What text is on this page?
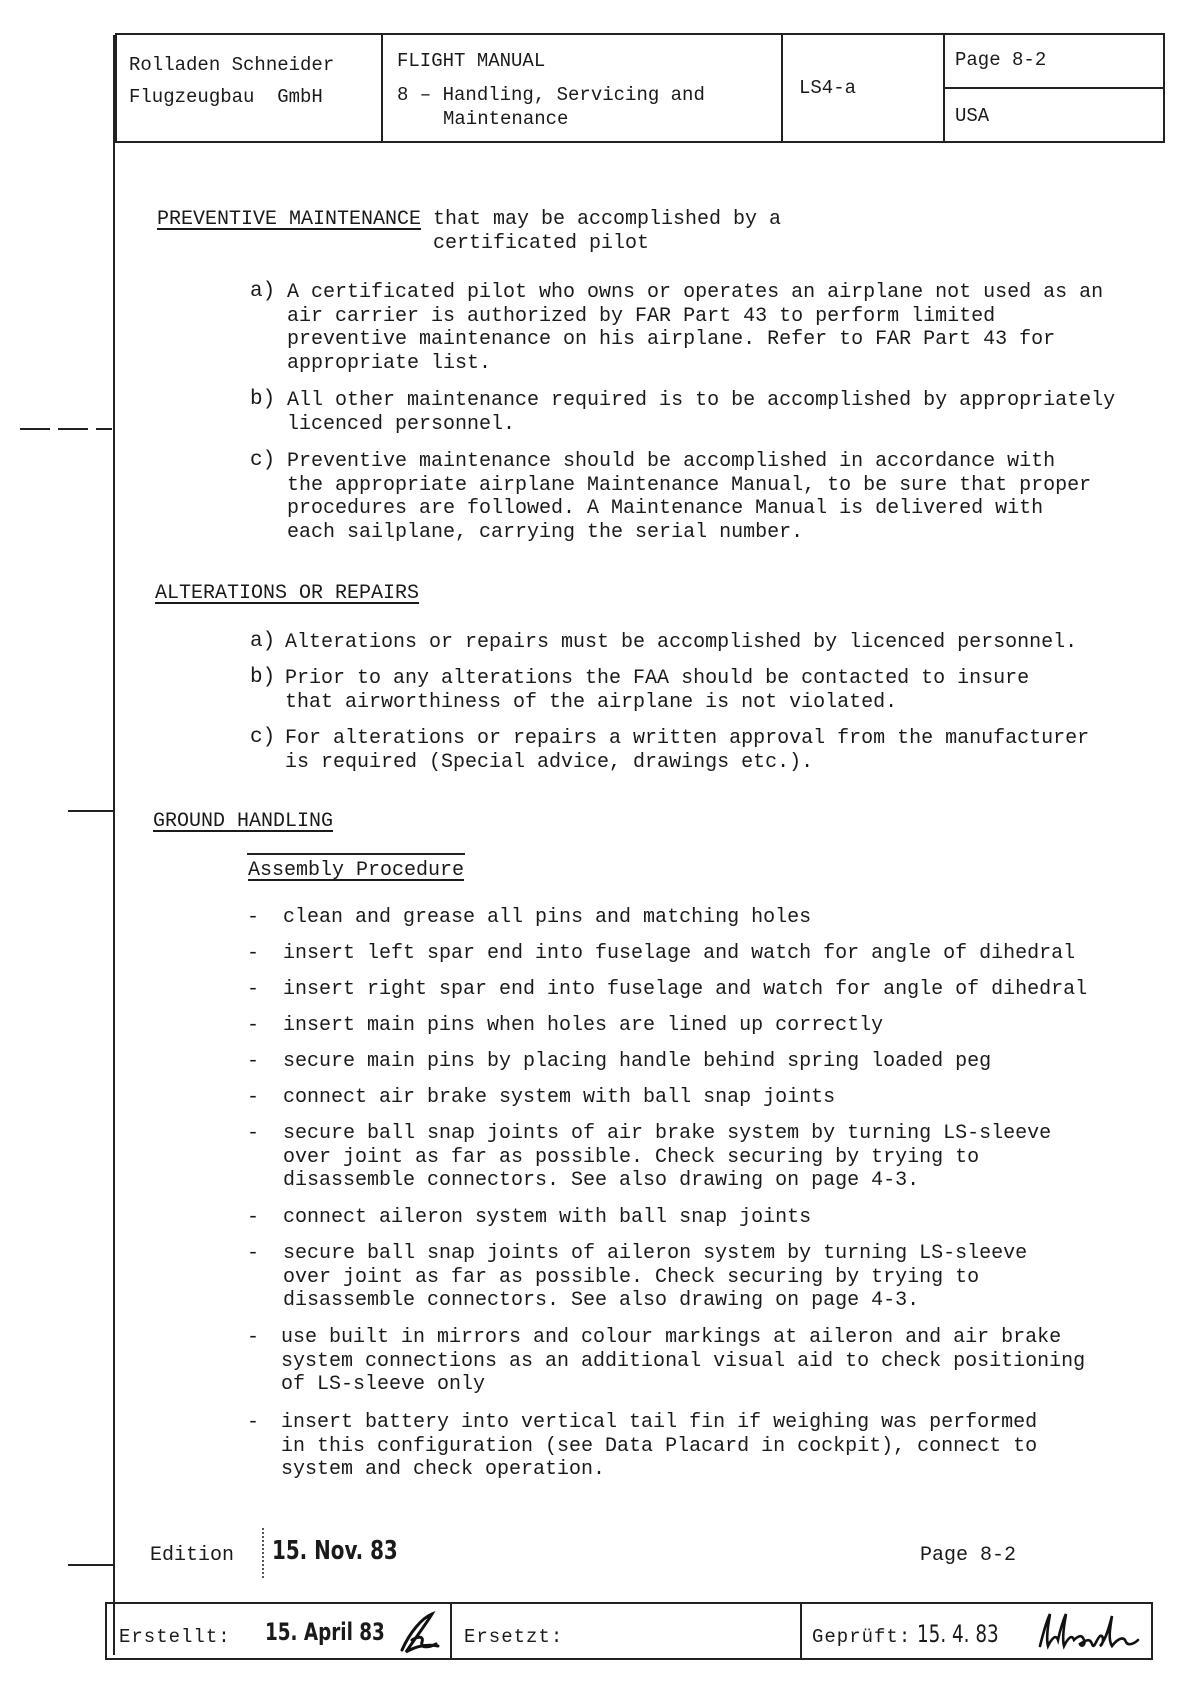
Rolladen Schneider
Flugzeugbau  GmbH
FLIGHT MANUAL
8 – Handling, Servicing and
Maintenance
LS4-a
Page 8-2
USA
PREVENTIVE MAINTENANCE that may be accomplished by a
certificated pilot
a) A certificated pilot who owns or operates an airplane not used as an
air carrier is authorized by FAR Part 43 to perform limited
preventive maintenance on his airplane. Refer to FAR Part 43 for
appropriate list.
b) All other maintenance required is to be accomplished by appropriately
licenced personnel.
c) Preventive maintenance should be accomplished in accordance with
the appropriate airplane Maintenance Manual, to be sure that proper
procedures are followed. A Maintenance Manual is delivered with
each sailplane, carrying the serial number.
ALTERATIONS OR REPAIRS
a) Alterations or repairs must be accomplished by licenced personnel.
b) Prior to any alterations the FAA should be contacted to insure
that airworthiness of the airplane is not violated.
c) For alterations or repairs a written approval from the manufacturer
is required (Special advice, drawings etc.).
GROUND HANDLING
Assembly Procedure
- clean and grease all pins and matching holes
- insert left spar end into fuselage and watch for angle of dihedral
- insert right spar end into fuselage and watch for angle of dihedral
- insert main pins when holes are lined up correctly
- secure main pins by placing handle behind spring loaded peg
- connect air brake system with ball snap joints
- secure ball snap joints of air brake system by turning LS-sleeve
over joint as far as possible. Check securing by trying to
disassemble connectors. See also drawing on page 4-3.
- connect aileron system with ball snap joints
- secure ball snap joints of aileron system by turning LS-sleeve
over joint as far as possible. Check securing by trying to
disassemble connectors. See also drawing on page 4-3.
- use built in mirrors and colour markings at aileron and air brake
system connections as an additional visual aid to check positioning
of LS-sleeve only
- insert battery into vertical tail fin if weighing was performed
in this configuration (see Data Placard in cockpit), connect to
system and check operation.
Edition 15. Nov. 83	Page 8-2
Erstellt: 15. April 83	Ersetzt:	Geprüft: 15. 4. 83
